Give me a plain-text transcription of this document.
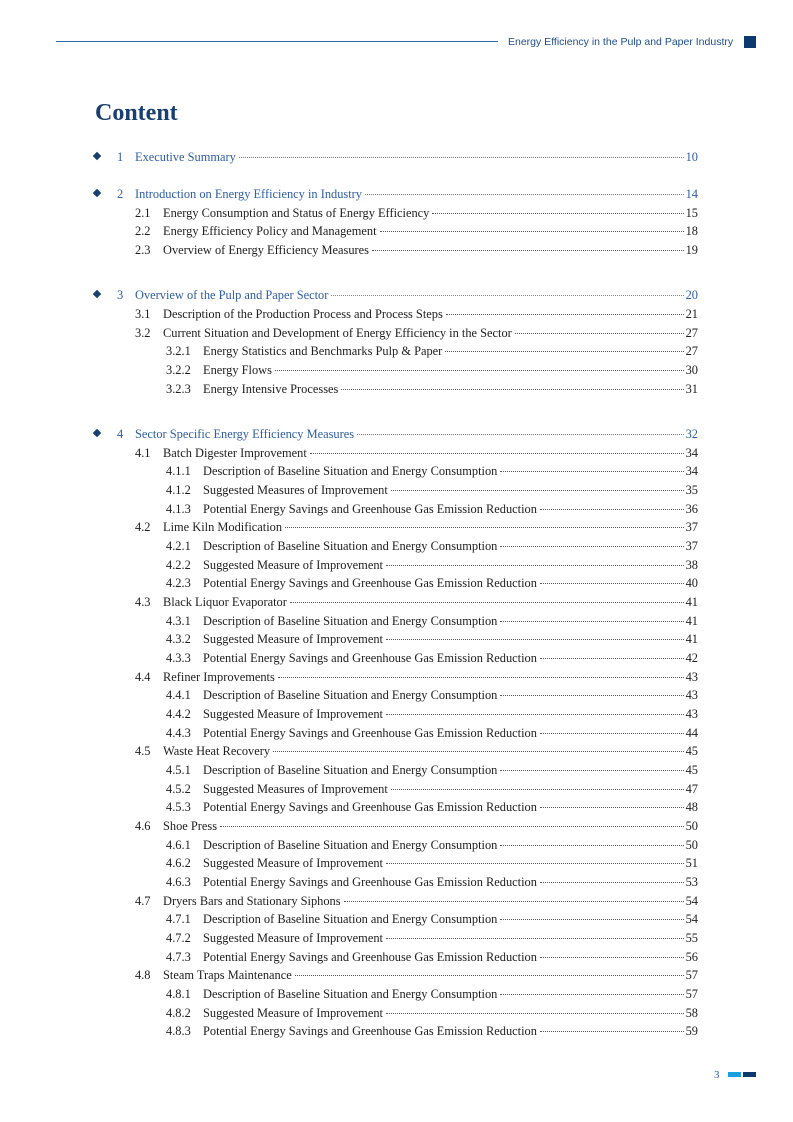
Energy Efficiency in the Pulp and Paper Industry
Content
1 Executive Summary	10
2 Introduction on Energy Efficiency in Industry	14
2.1	Energy Consumption and Status of Energy Efficiency	15
2.2	Energy Efficiency Policy and Management	18
2.3	Overview of Energy Efficiency Measures	19
3 Overview of the Pulp and Paper Sector	20
3.1	Description of the Production Process and Process Steps	21
3.2	Current Situation and Development of Energy Efficiency in the Sector	27
3.2.1 Energy Statistics and Benchmarks Pulp & Paper	27
3.2.2 Energy Flows	30
3.2.3 Energy Intensive Processes	31
4 Sector Specific Energy Efficiency Measures	32
4.1	Batch Digester Improvement	34
4.1.1 Description of Baseline Situation and Energy Consumption	34
4.1.2 Suggested Measures of Improvement	35
4.1.3 Potential Energy Savings and Greenhouse Gas Emission Reduction	36
4.2	Lime Kiln Modification	37
4.2.1 Description of Baseline Situation and Energy Consumption	37
4.2.2 Suggested Measure of Improvement	38
4.2.3 Potential Energy Savings and Greenhouse Gas Emission Reduction	40
4.3	Black Liquor Evaporator	41
4.3.1 Description of Baseline Situation and Energy Consumption	41
4.3.2 Suggested Measure of Improvement	41
4.3.3 Potential Energy Savings and Greenhouse Gas Emission Reduction	42
4.4	Refiner Improvements	43
4.4.1 Description of Baseline Situation and Energy Consumption	43
4.4.2 Suggested Measure of Improvement	43
4.4.3 Potential Energy Savings and Greenhouse Gas Emission Reduction	44
4.5	Waste Heat Recovery	45
4.5.1 Description of Baseline Situation and Energy Consumption	45
4.5.2 Suggested Measures of Improvement	47
4.5.3 Potential Energy Savings and Greenhouse Gas Emission Reduction	48
4.6	Shoe Press	50
4.6.1 Description of Baseline Situation and Energy Consumption	50
4.6.2 Suggested Measure of Improvement	51
4.6.3 Potential Energy Savings and Greenhouse Gas Emission Reduction	53
4.7	Dryers Bars and Stationary Siphons	54
4.7.1 Description of Baseline Situation and Energy Consumption	54
4.7.2 Suggested Measure of Improvement	55
4.7.3 Potential Energy Savings and Greenhouse Gas Emission Reduction	56
4.8	Steam Traps Maintenance	57
4.8.1 Description of Baseline Situation and Energy Consumption	57
4.8.2 Suggested Measure of Improvement	58
4.8.3 Potential Energy Savings and Greenhouse Gas Emission Reduction	59
3
